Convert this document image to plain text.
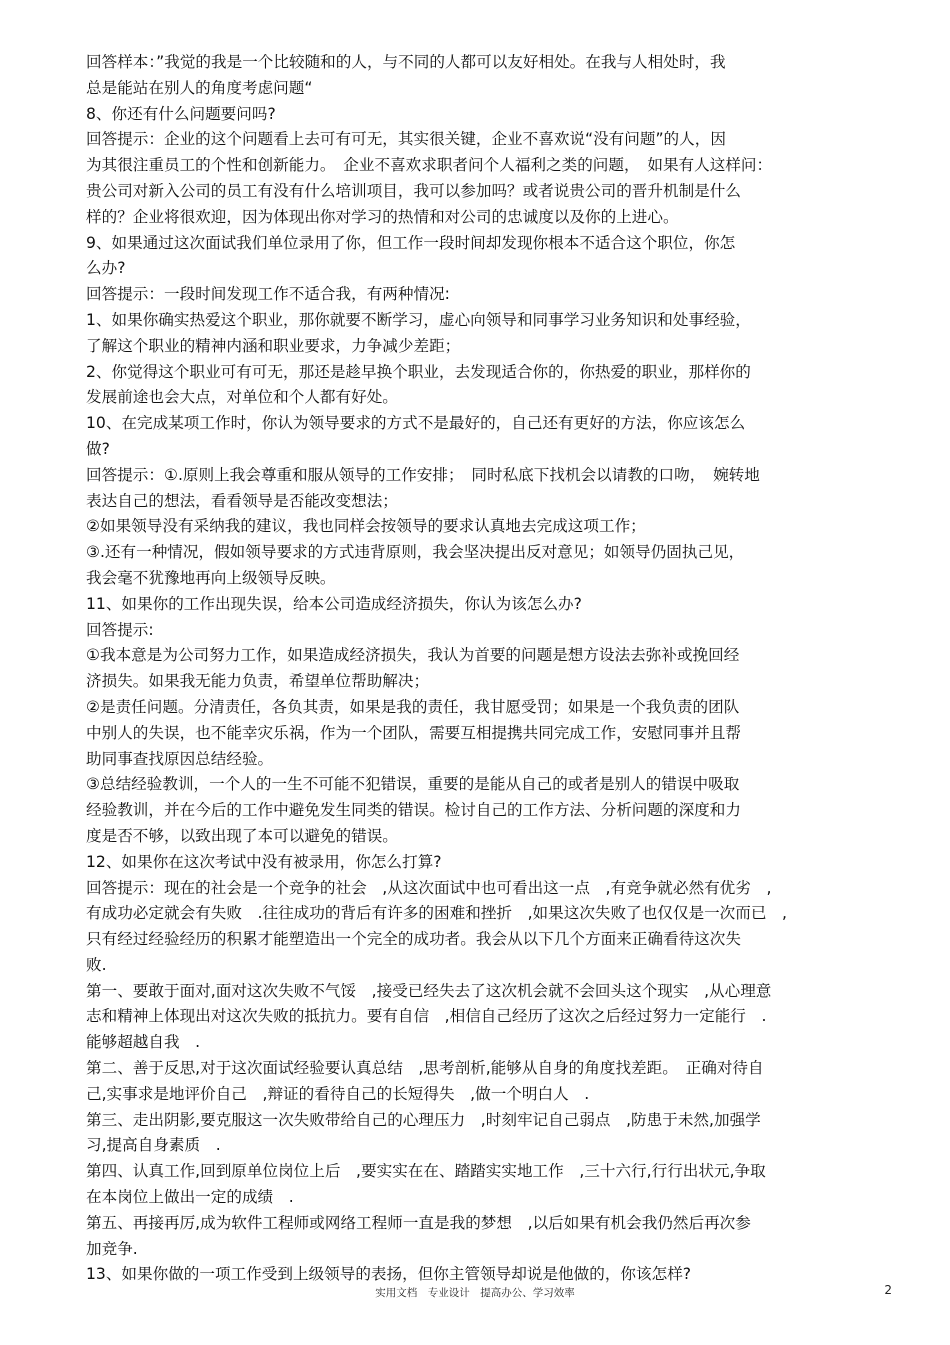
回答样本：”我觉的我是一个比较随和的人，与不同的人都可以友好相处。在我与人相处时，我
总是能站在别人的角度考虑问题“
8、你还有什么问题要问吗?
回答提示：企业的这个问题看上去可有可无，其实很关键，企业不喜欢说“没有问题”的人，因
为其很注重员工的个性和创新能力。　企业不喜欢求职者问个人福利之类的问题，　如果有人这样问：
贵公司对新入公司的员工有没有什么培训项目，我可以参加吗？或者说贵公司的晋升机制是什么
样的？企业将很欢迎，因为体现出你对学习的热情和对公司的忠诚度以及你的上进心。
9、如果通过这次面试我们单位录用了你，但工作一段时间却发现你根本不适合这个职位，你怎
么办?
回答提示：一段时间发现工作不适合我，有两种情况:
1、如果你确实热爱这个职业，那你就要不断学习，虚心向领导和同事学习业务知识和处事经验，
了解这个职业的精神内涵和职业要求，力争减少差距；
2、你觉得这个职业可有可无，那还是趁早换个职业，去发现适合你的，你热爱的职业，那样你的
发展前途也会大点，对单位和个人都有好处。
10、在完成某项工作时，你认为领导要求的方式不是最好的，自己还有更好的方法，你应该怎么
做?
回答提示：①.原则上我会尊重和服从领导的工作安排；　同时私底下找机会以请教的口吻，　婉转地
表达自己的想法，看看领导是否能改变想法；
②如果领导没有采纳我的建议，我也同样会按领导的要求认真地去完成这项工作；
③.还有一种情况，假如领导要求的方式违背原则，我会坚决提出反对意见；如领导仍固执己见，
我会毫不犹豫地再向上级领导反映。
11、如果你的工作出现失误，给本公司造成经济损失，你认为该怎么办?
回答提示:
①我本意是为公司努力工作，如果造成经济损失，我认为首要的问题是想方设法去弥补或挽回经
济损失。如果我无能力负责，希望单位帮助解决；
②是责任问题。分清责任，各负其责，如果是我的责任，我甘愿受罚；如果是一个我负责的团队
中别人的失误，也不能幸灾乐祸，作为一个团队，需要互相提携共同完成工作，安慰同事并且帮
助同事查找原因总结经验。
③总结经验教训，一个人的一生不可能不犯错误，重要的是能从自己的或者是别人的错误中吸取
经验教训，并在今后的工作中避免发生同类的错误。检讨自己的工作方法、分析问题的深度和力
度是否不够，以致出现了本可以避免的错误。
12、如果你在这次考试中没有被录用，你怎么打算?
回答提示：现在的社会是一个竞争的社会　,从这次面试中也可看出这一点　,有竞争就必然有优劣　,
有成功必定就会有失败　.往往成功的背后有许多的困难和挫折　,如果这次失败了也仅仅是一次而已　,
只有经过经验经历的积累才能塑造出一个完全的成功者。我会从以下几个方面来正确看待这次失
败.
第一、要敢于面对,面对这次失败不气馁　,接受已经失去了这次机会就不会回头这个现实　,从心理意
志和精神上体现出对这次失败的抵抗力。要有自信　,相信自己经历了这次之后经过努力一定能行　.
能够超越自我　.
第二、善于反思,对于这次面试经验要认真总结　,思考剖析,能够从自身的角度找差距。　正确对待自
己,实事求是地评价自己　,辩证的看待自己的长短得失　,做一个明白人　.
第三、走出阴影,要克服这一次失败带给自己的心理压力　,时刻牢记自己弱点　,防患于未然,加强学
习,提高自身素质　.
第四、认真工作,回到原单位岗位上后　,要实实在在、踏踏实实地工作　,三十六行,行行出状元,争取
在本岗位上做出一定的成绩　.
第五、再接再厉,成为软件工程师或网络工程师一直是我的梦想　,以后如果有机会我仍然后再次参
加竞争.
13、如果你做的一项工作受到上级领导的表扬，但你主管领导却说是他做的，你该怎样?
实用文档　专业设计　提高办公、学习效率	2
